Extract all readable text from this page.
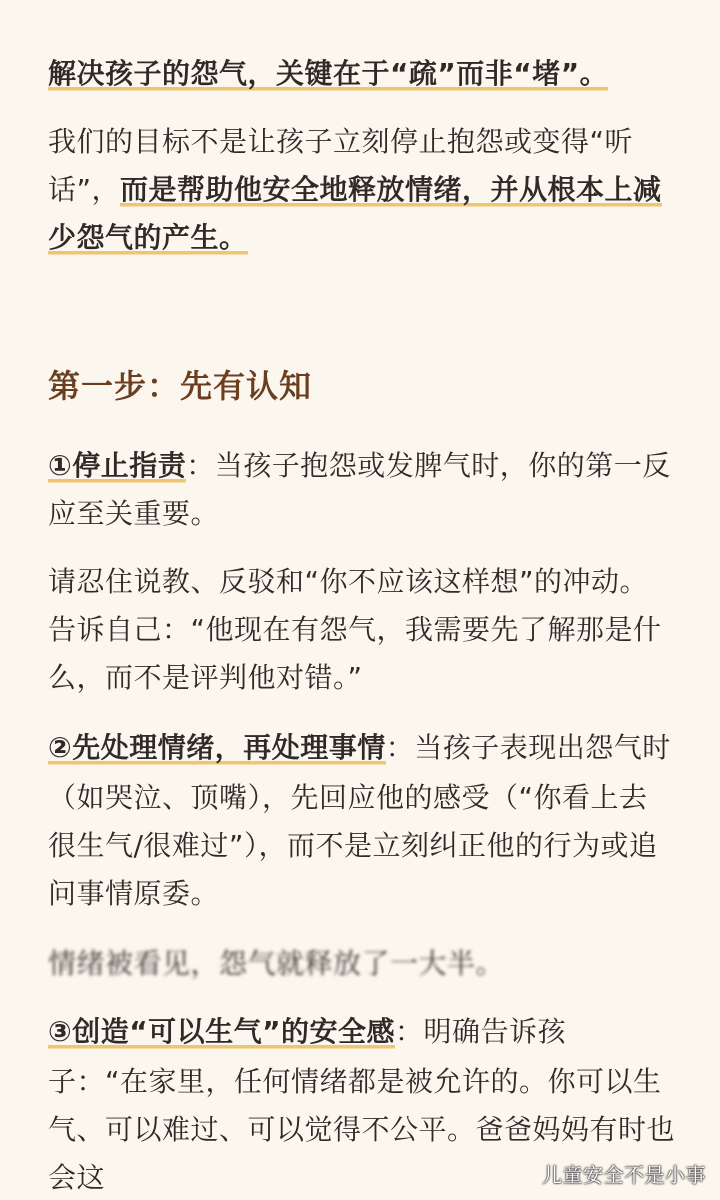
解决孩子的怨气，关键在于“疏”而非“堵”。
我们的目标不是让孩子立刻停止抱怨或变得“听
话”，而是帮助他安全地释放情绪，并从根本上减
少怨气的产生。
第一步：先有认知
①停止指责：当孩子抱怨或发脾气时，你的第一反
应至关重要。
请忍住说教、反驳和“你不应该这样想”的冲动。
告诉自己：“他现在有怨气，我需要先了解那是什
么，而不是评判他对错。”
②先处理情绪，再处理事情：当孩子表现出怨气时
（如哭泣、顶嘴），先回应他的感受（“你看上去
很生气/很难过”），而不是立刻纠正他的行为或追
问事情原委。
情绪被看见，怨气就释放了一大半。
③创造“可以生气”的安全感：明确告诉孩
子：“在家里，任何情绪都是被允许的。你可以生
气、可以难过、可以觉得不公平。爸爸妈妈有时也
会这	儿童安全不是小事
